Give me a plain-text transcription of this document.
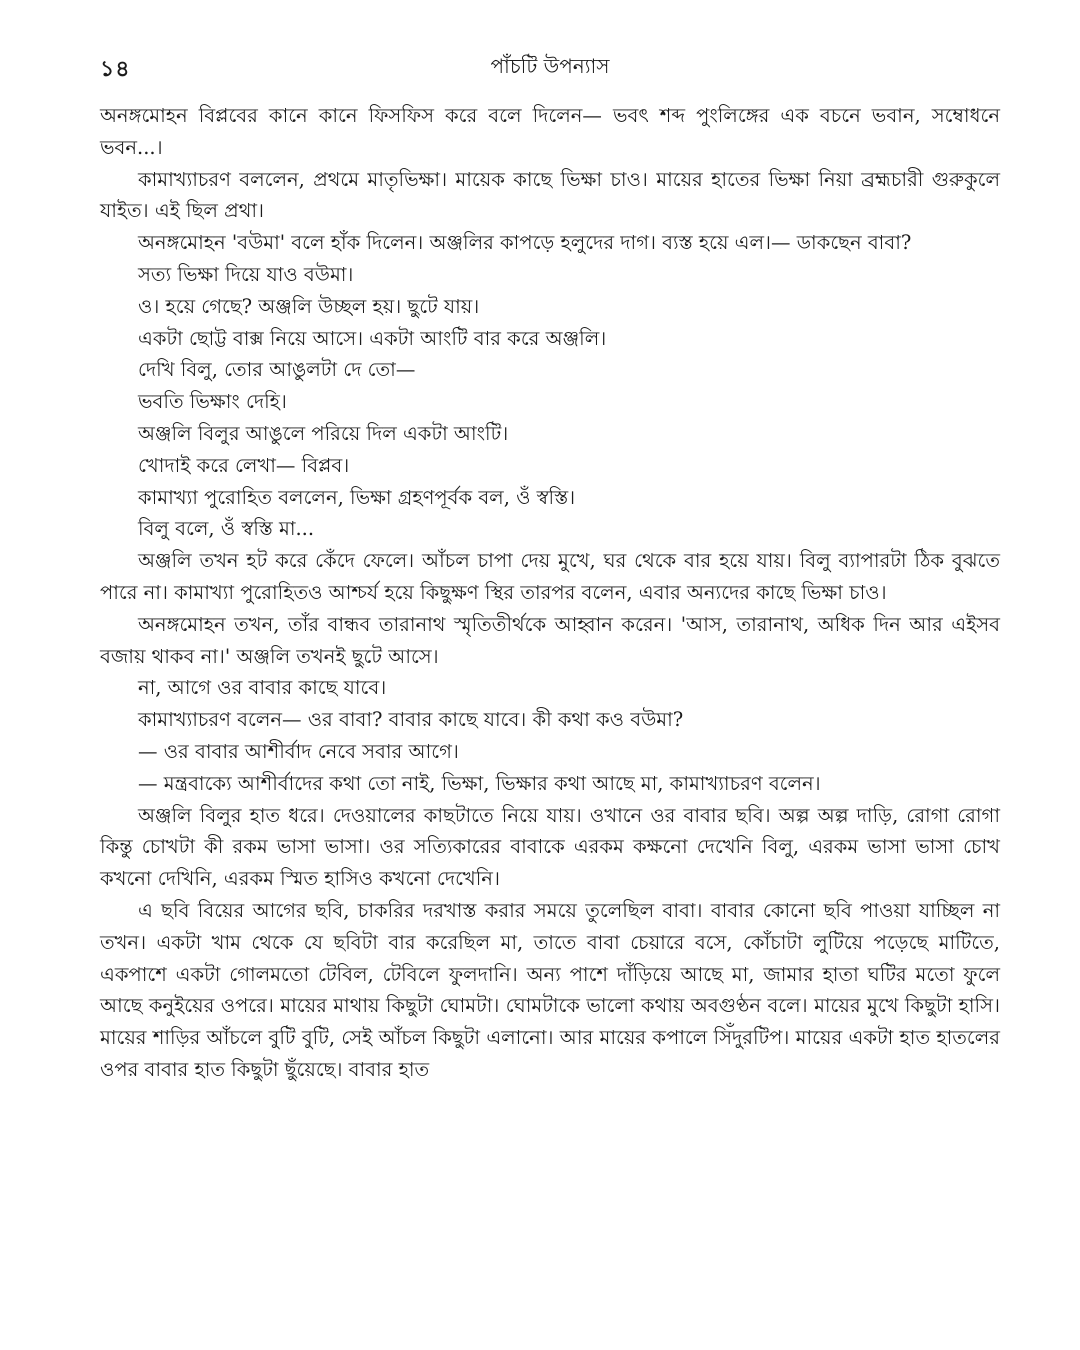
১৪	পাঁচটি উপন্যাস

অনঙ্গমোহন বিপ্লবের কানে কানে ফিসফিস করে বলে দিলেন— ভবৎ শব্দ পুংলিঙ্গের এক বচনে ভবান, সম্বোধনে ভবন...।

কামাখ্যাচরণ বললেন, প্রথমে মাতৃভিক্ষা। মায়েক কাছে ভিক্ষা চাও। মায়ের হাতের ভিক্ষা নিয়া ব্রহ্মচারী গুরুকুলে যাইত। এই ছিল প্রথা।

অনঙ্গমোহন 'বউমা' বলে হাঁক দিলেন। অঞ্জলির কাপড়ে হলুদের দাগ। ব্যস্ত হয়ে এল।— ডাকছেন বাবা?

সত্য ভিক্ষা দিয়ে যাও বউমা।

ও। হয়ে গেছে? অঞ্জলি উচ্ছল হয়। ছুটে যায়।

একটা ছোট্ট বাক্স নিয়ে আসে। একটা আংটি বার করে অঞ্জলি।

দেখি বিলু, তোর আঙুলটা দে তো—

ভবতি ভিক্ষাং দেহি।

অঞ্জলি বিলুর আঙুলে পরিয়ে দিল একটা আংটি।

খোদাই করে লেখা— বিপ্লব।

কামাখ্যা পুরোহিত বললেন, ভিক্ষা গ্রহণপূর্বক বল, ওঁ স্বস্তি।

বিলু বলে, ওঁ স্বস্তি মা...

অঞ্জলি তখন হট করে কেঁদে ফেলে। আঁচল চাপা দেয় মুখে, ঘর থেকে বার হয়ে যায়। বিলু ব্যাপারটা ঠিক বুঝতে পারে না। কামাখ্যা পুরোহিতও আশ্চর্য হয়ে কিছুক্ষণ স্থির তারপর বলেন, এবার অন্যদের কাছে ভিক্ষা চাও।

অনঙ্গমোহন তখন, তাঁর বান্ধব তারানাথ স্মৃতিতীর্থকে আহ্বান করেন। 'আস, তারানাথ, অধিক দিন আর এইসব বজায় থাকব না।' অঞ্জলি তখনই ছুটে আসে।

না, আগে ওর বাবার কাছে যাবে।

কামাখ্যাচরণ বলেন— ওর বাবা? বাবার কাছে যাবে। কী কথা কও বউমা?

— ওর বাবার আশীর্বাদ নেবে সবার আগে।

— মন্ত্রবাক্যে আশীর্বাদের কথা তো নাই, ভিক্ষা, ভিক্ষার কথা আছে মা, কামাখ্যাচরণ বলেন।

অঞ্জলি বিলুর হাত ধরে। দেওয়ালের কাছটাতে নিয়ে যায়। ওখানে ওর বাবার ছবি। অল্প অল্প দাড়ি, রোগা রোগা কিন্তু চোখটা কী রকম ভাসা ভাসা। ওর সত্যিকারের বাবাকে এরকম কক্ষনো দেখেনি বিলু, এরকম ভাসা ভাসা চোখ কখনো দেখিনি, এরকম স্মিত হাসিও কখনো দেখেনি।

এ ছবি বিয়ের আগের ছবি, চাকরির দরখাস্ত করার সময়ে তুলেছিল বাবা। বাবার কোনো ছবি পাওয়া যাচ্ছিল না তখন। একটা খাম থেকে যে ছবিটা বার করেছিল মা, তাতে বাবা চেয়ারে বসে, কোঁচাটা লুটিয়ে পড়েছে মাটিতে, একপাশে একটা গোলমতো টেবিল, টেবিলে ফুলদানি। অন্য পাশে দাঁড়িয়ে আছে মা, জামার হাতা ঘটির মতো ফুলে আছে কনুইয়ের ওপরে। মায়ের মাথায় কিছুটা ঘোমটা। ঘোমটাকে ভালো কথায় অবগুণ্ঠন বলে। মায়ের মুখে কিছুটা হাসি। মায়ের শাড়ির আঁচলে বুটি বুটি, সেই আঁচল কিছুটা এলানো। আর মায়ের কপালে সিঁদুরটিপ। মায়ের একটা হাত হাতলের ওপর বাবার হাত কিছুটা ছুঁয়েছে। বাবার হাত
